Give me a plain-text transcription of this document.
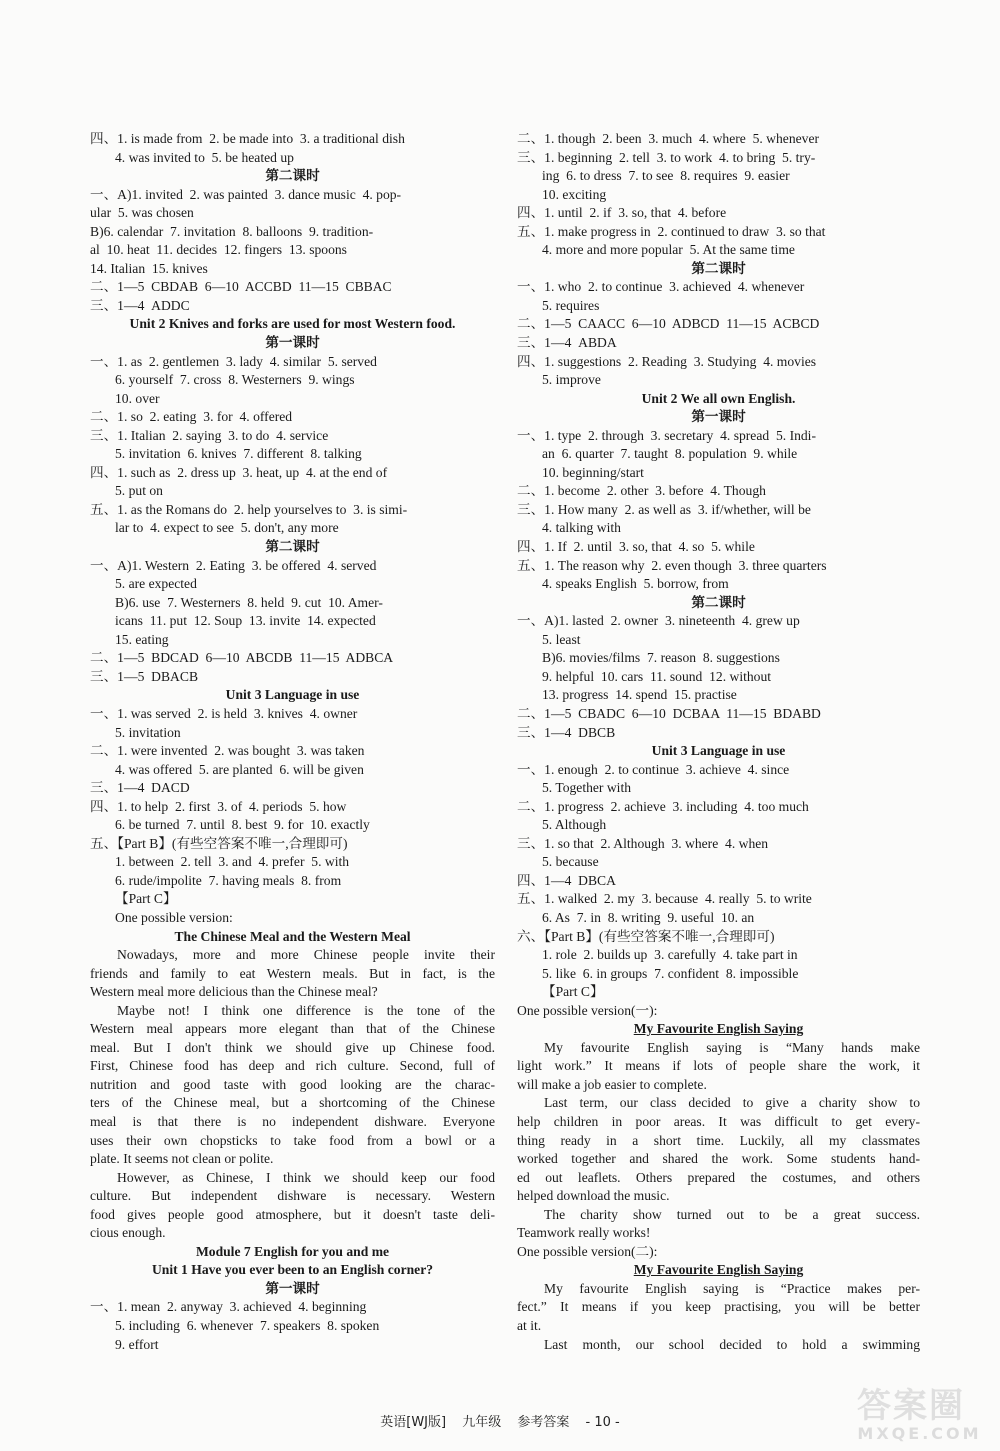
四、1. is made from  2. be made into  3. a traditional dish
4. was invited to  5. be heated up
第二课时
一、A)1. invited  2. was painted  3. dance music  4. pop-
ular  5. was chosen
B)6. calendar  7. invitation  8. balloons  9. tradition-
al  10. heat  11. decides  12. fingers  13. spoons
14. Italian  15. knives
二、1—5  CBDAB  6—10  ACCBD  11—15  CBBAC
三、1—4  ADDC
Unit 2 Knives and forks are used for most Western food.
第一课时
一、1. as  2. gentlemen  3. lady  4. similar  5. served
6. yourself  7. cross  8. Westerners  9. wings
10. over
二、1. so  2. eating  3. for  4. offered
三、1. Italian  2. saying  3. to do  4. service
5. invitation  6. knives  7. different  8. talking
四、1. such as  2. dress up  3. heat, up  4. at the end of
5. put on
五、1. as the Romans do  2. help yourselves to  3. is simi-
lar to  4. expect to see  5. don't, any more
第二课时
一、A)1. Western  2. Eating  3. be offered  4. served
5. are expected
B)6. use  7. Westerners  8. held  9. cut  10. Amer-
icans  11. put  12. Soup  13. invite  14. expected
15. eating
二、1—5  BDCAD  6—10  ABCDB  11—15  ADBCA
三、1—5  DBACB
Unit 3 Language in use
一、1. was served  2. is held  3. knives  4. owner
5. invitation
二、1. were invented  2. was bought  3. was taken
4. was offered  5. are planted  6. will be given
三、1—4  DACD
四、1. to help  2. first  3. of  4. periods  5. how
6. be turned  7. until  8. best  9. for  10. exactly
五、【Part B】(有些空答案不唯一,合理即可)
1. between  2. tell  3. and  4. prefer  5. with
6. rude/impolite  7. having meals  8. from
【Part C】
One possible version:
The Chinese Meal and the Western Meal
Nowadays, more and more Chinese people invite their
friends and family to eat Western meals. But in fact, is the
Western meal more delicious than the Chinese meal?
Maybe not! I think one difference is the tone of the
Western meal appears more elegant than that of the Chinese
meal. But I don't think we should give up Chinese food.
First, Chinese food has deep and rich culture. Second, full of
nutrition and good taste with good looking are the charac-
ters of the Chinese meal, but a shortcoming of the Chinese
meal is that there is no independent dishware. Everyone
uses their own chopsticks to take food from a bowl or a
plate. It seems not clean or polite.
However, as Chinese, I think we should keep our food
culture. But independent dishware is necessary. Western
food gives people good atmosphere, but it doesn't taste deli-
cious enough.
Module 7 English for you and me
Unit 1 Have you ever been to an English corner?
第一课时
一、1. mean  2. anyway  3. achieved  4. beginning
5. including  6. whenever  7. speakers  8. spoken
9. effort
二、1. though  2. been  3. much  4. where  5. whenever
三、1. beginning  2. tell  3. to work  4. to bring  5. try-
ing  6. to dress  7. to see  8. requires  9. easier
10. exciting
四、1. until  2. if  3. so, that  4. before
五、1. make progress in  2. continued to draw  3. so that
4. more and more popular  5. At the same time
第二课时
一、1. who  2. to continue  3. achieved  4. whenever
5. requires
二、1—5  CAACC  6—10  ADBCD  11—15  ACBCD
三、1—4  ABDA
四、1. suggestions  2. Reading  3. Studying  4. movies
5. improve
Unit 2 We all own English.
第一课时
一、1. type  2. through  3. secretary  4. spread  5. Indi-
an  6. quarter  7. taught  8. population  9. while
10. beginning/start
二、1. become  2. other  3. before  4. Though
三、1. How many  2. as well as  3. if/whether, will be
4. talking with
四、1. If  2. until  3. so, that  4. so  5. while
五、1. The reason why  2. even though  3. three quarters
4. speaks English  5. borrow, from
第二课时
一、A)1. lasted  2. owner  3. nineteenth  4. grew up
5. least
B)6. movies/films  7. reason  8. suggestions
9. helpful  10. cars  11. sound  12. without
13. progress  14. spend  15. practise
二、1—5  CBADC  6—10  DCBAA  11—15  BDABD
三、1—4  DBCB
Unit 3 Language in use
一、1. enough  2. to continue  3. achieve  4. since
5. Together with
二、1. progress  2. achieve  3. including  4. too much
5. Although
三、1. so that  2. Although  3. where  4. when
5. because
四、1—4  DBCA
五、1. walked  2. my  3. because  4. really  5. to write
6. As  7. in  8. writing  9. useful  10. an
六、【Part B】(有些空答案不唯一,合理即可)
1. role  2. builds up  3. carefully  4. take part in
5. like  6. in groups  7. confident  8. impossible
【Part C】
One possible version(一):
My Favourite English Saying
My favourite English saying is “Many hands make
light work.” It means if lots of people share the work, it
will make a job easier to complete.
Last term, our class decided to give a charity show to
help children in poor areas. It was difficult to get every-
thing ready in a short time. Luckily, all my classmates
worked together and shared the work. Some students hand-
ed out leaflets. Others prepared the costumes, and others
helped download the music.
The charity show turned out to be a great success.
Teamwork really works!
One possible version(二):
My Favourite English Saying
My favourite English saying is “Practice makes per-
fect.” It means if you keep practising, you will be better
at it.
Last month, our school decided to hold a swimming
英语[WJ版] 九年级 参考答案 - 10 -	答案圈
MXQE.COM
